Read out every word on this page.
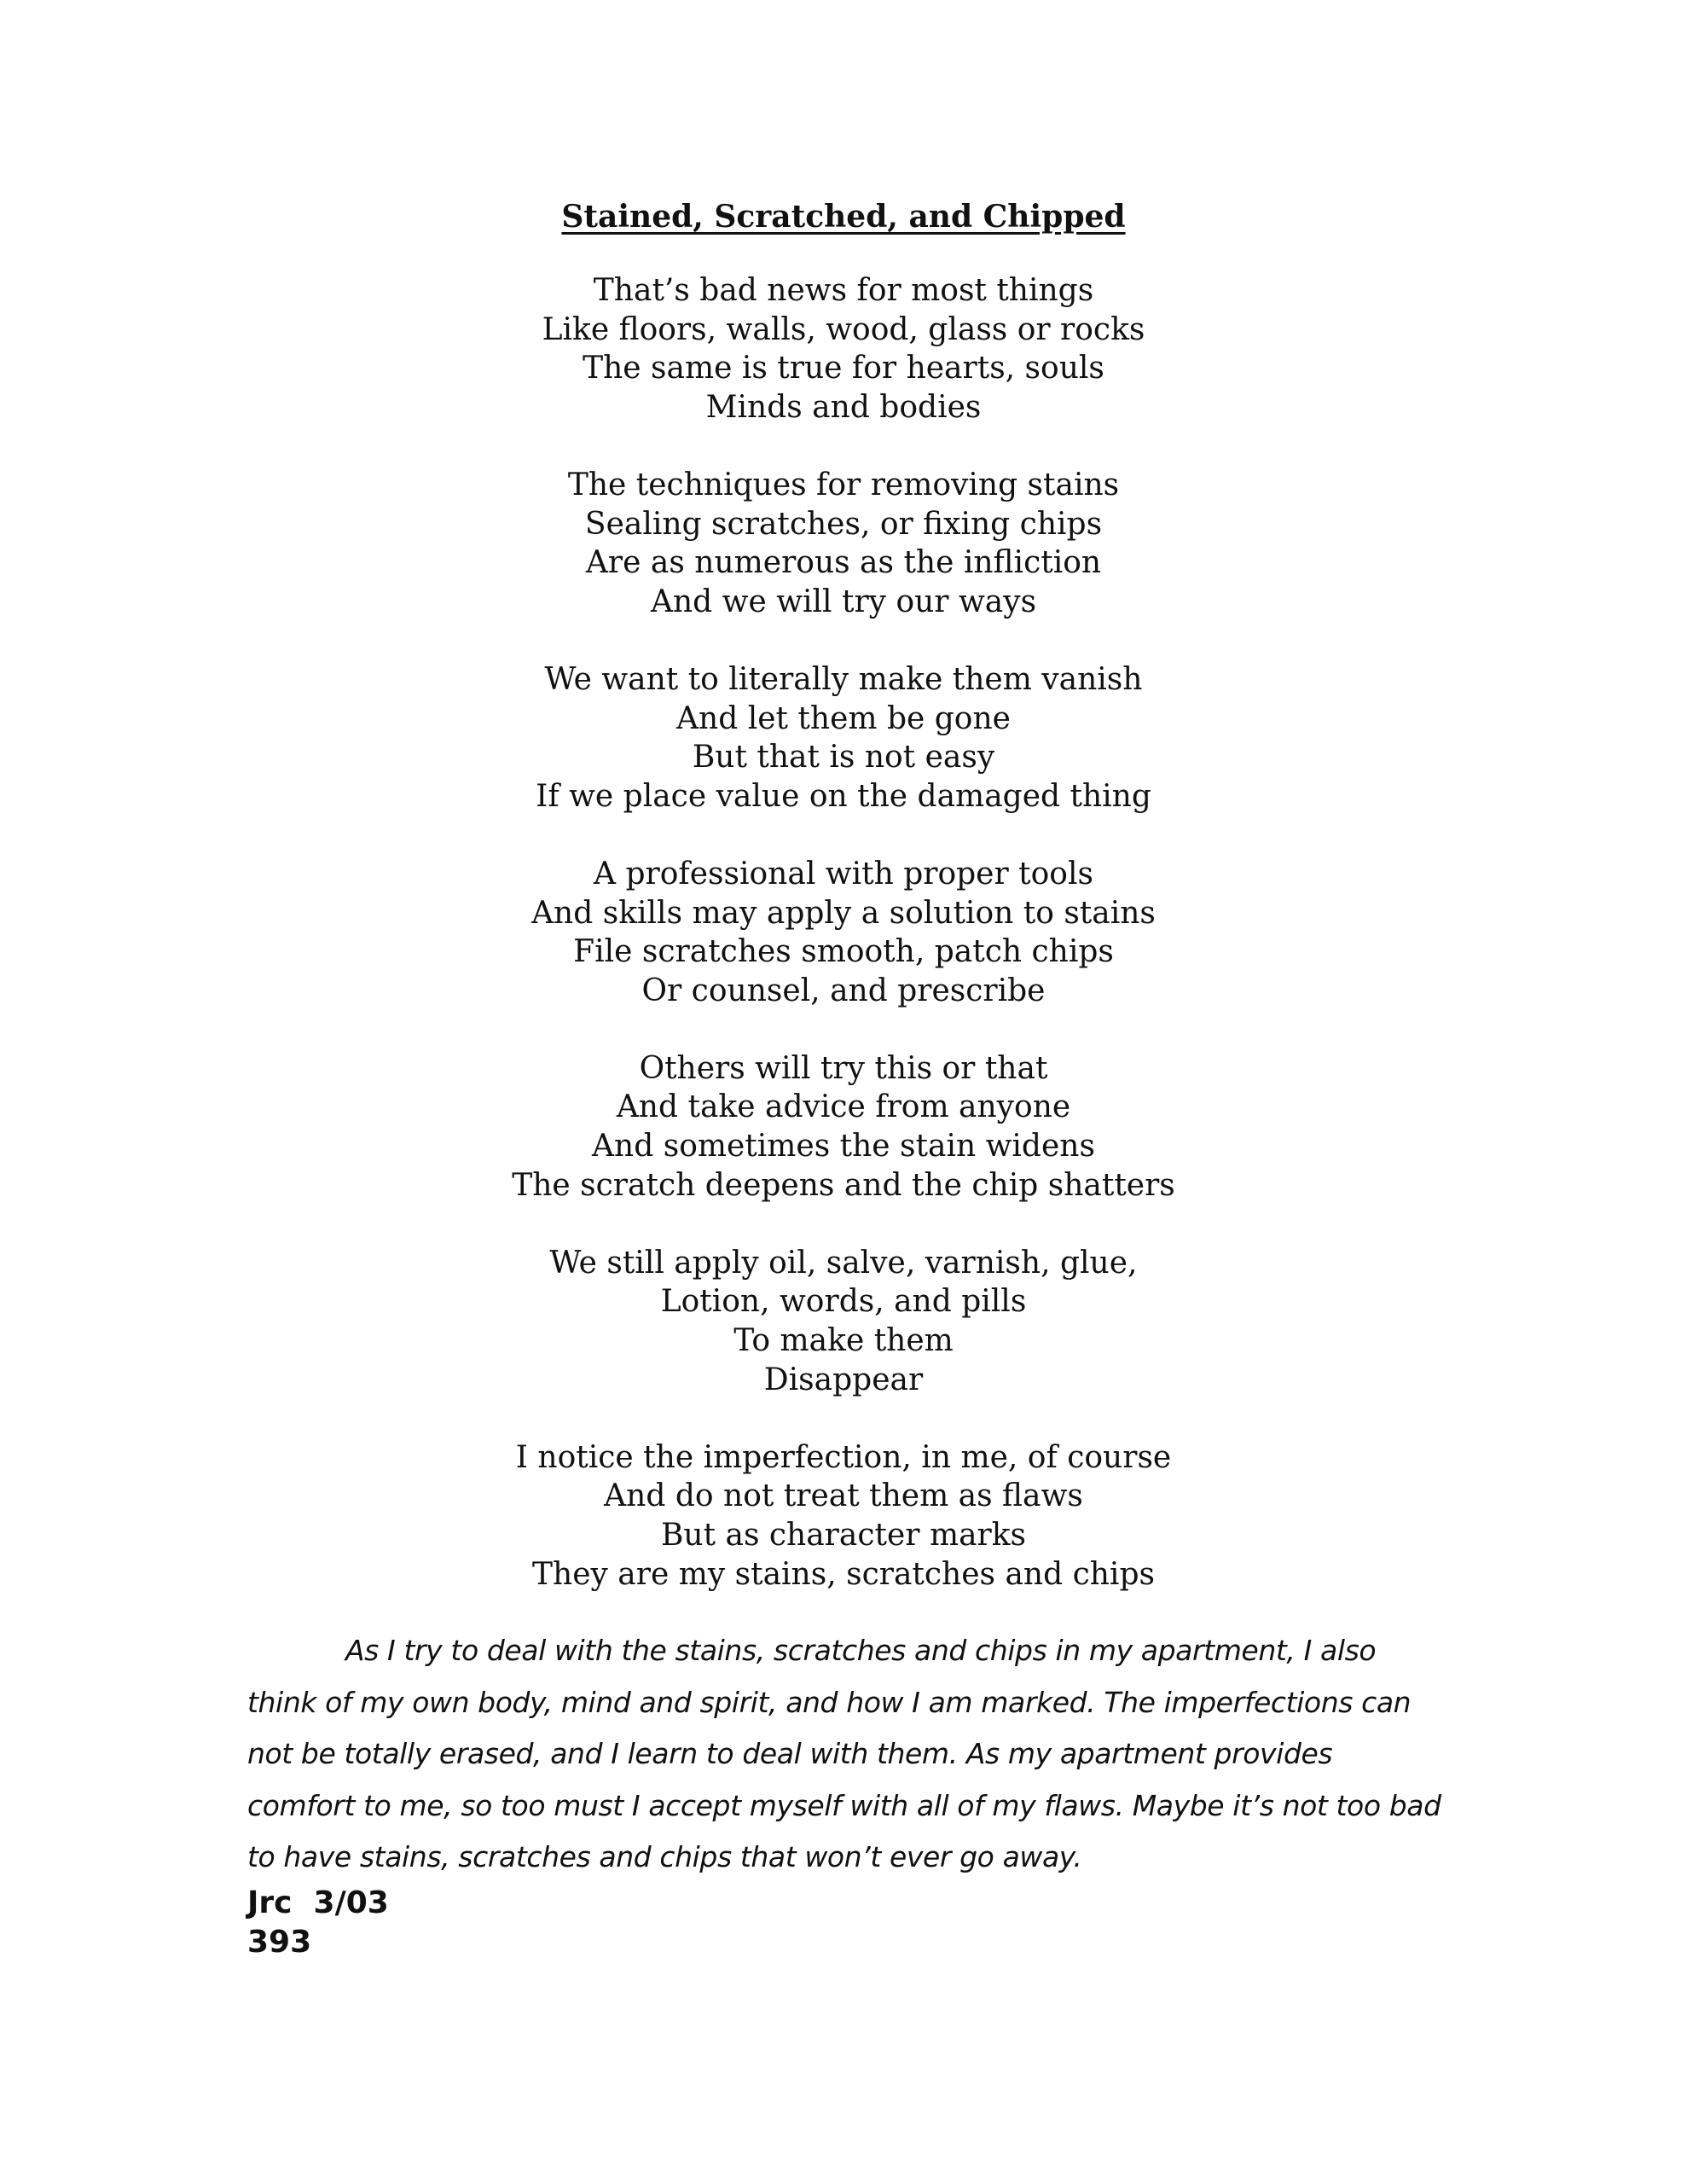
Stained, Scratched, and Chipped
That’s bad news for most things
Like floors, walls, wood, glass or rocks
The same is true for hearts, souls
Minds and bodies
The techniques for removing stains
Sealing scratches, or fixing chips
Are as numerous as the infliction
And we will try our ways
We want to literally make them vanish
And let them be gone
But that is not easy
If we place value on the damaged thing
A professional with proper tools
And skills may apply a solution to stains
File scratches smooth, patch chips
Or counsel, and prescribe
Others will try this or that
And take advice from anyone
And sometimes the stain widens
The scratch deepens and the chip shatters
We still apply oil, salve, varnish, glue,
Lotion, words, and pills
To make them
Disappear
I notice the imperfection, in me, of course
And do not treat them as flaws
But as character marks
They are my stains, scratches and chips
As I try to deal with the stains, scratches and chips in my apartment, I also
think of my own body, mind and spirit, and how I am marked. The imperfections can
not be totally erased, and I learn to deal with them. As my apartment provides
comfort to me, so too must I accept myself with all of my flaws. Maybe it’s not too bad
to have stains, scratches and chips that won’t ever go away.
Jrc  3/03
393
